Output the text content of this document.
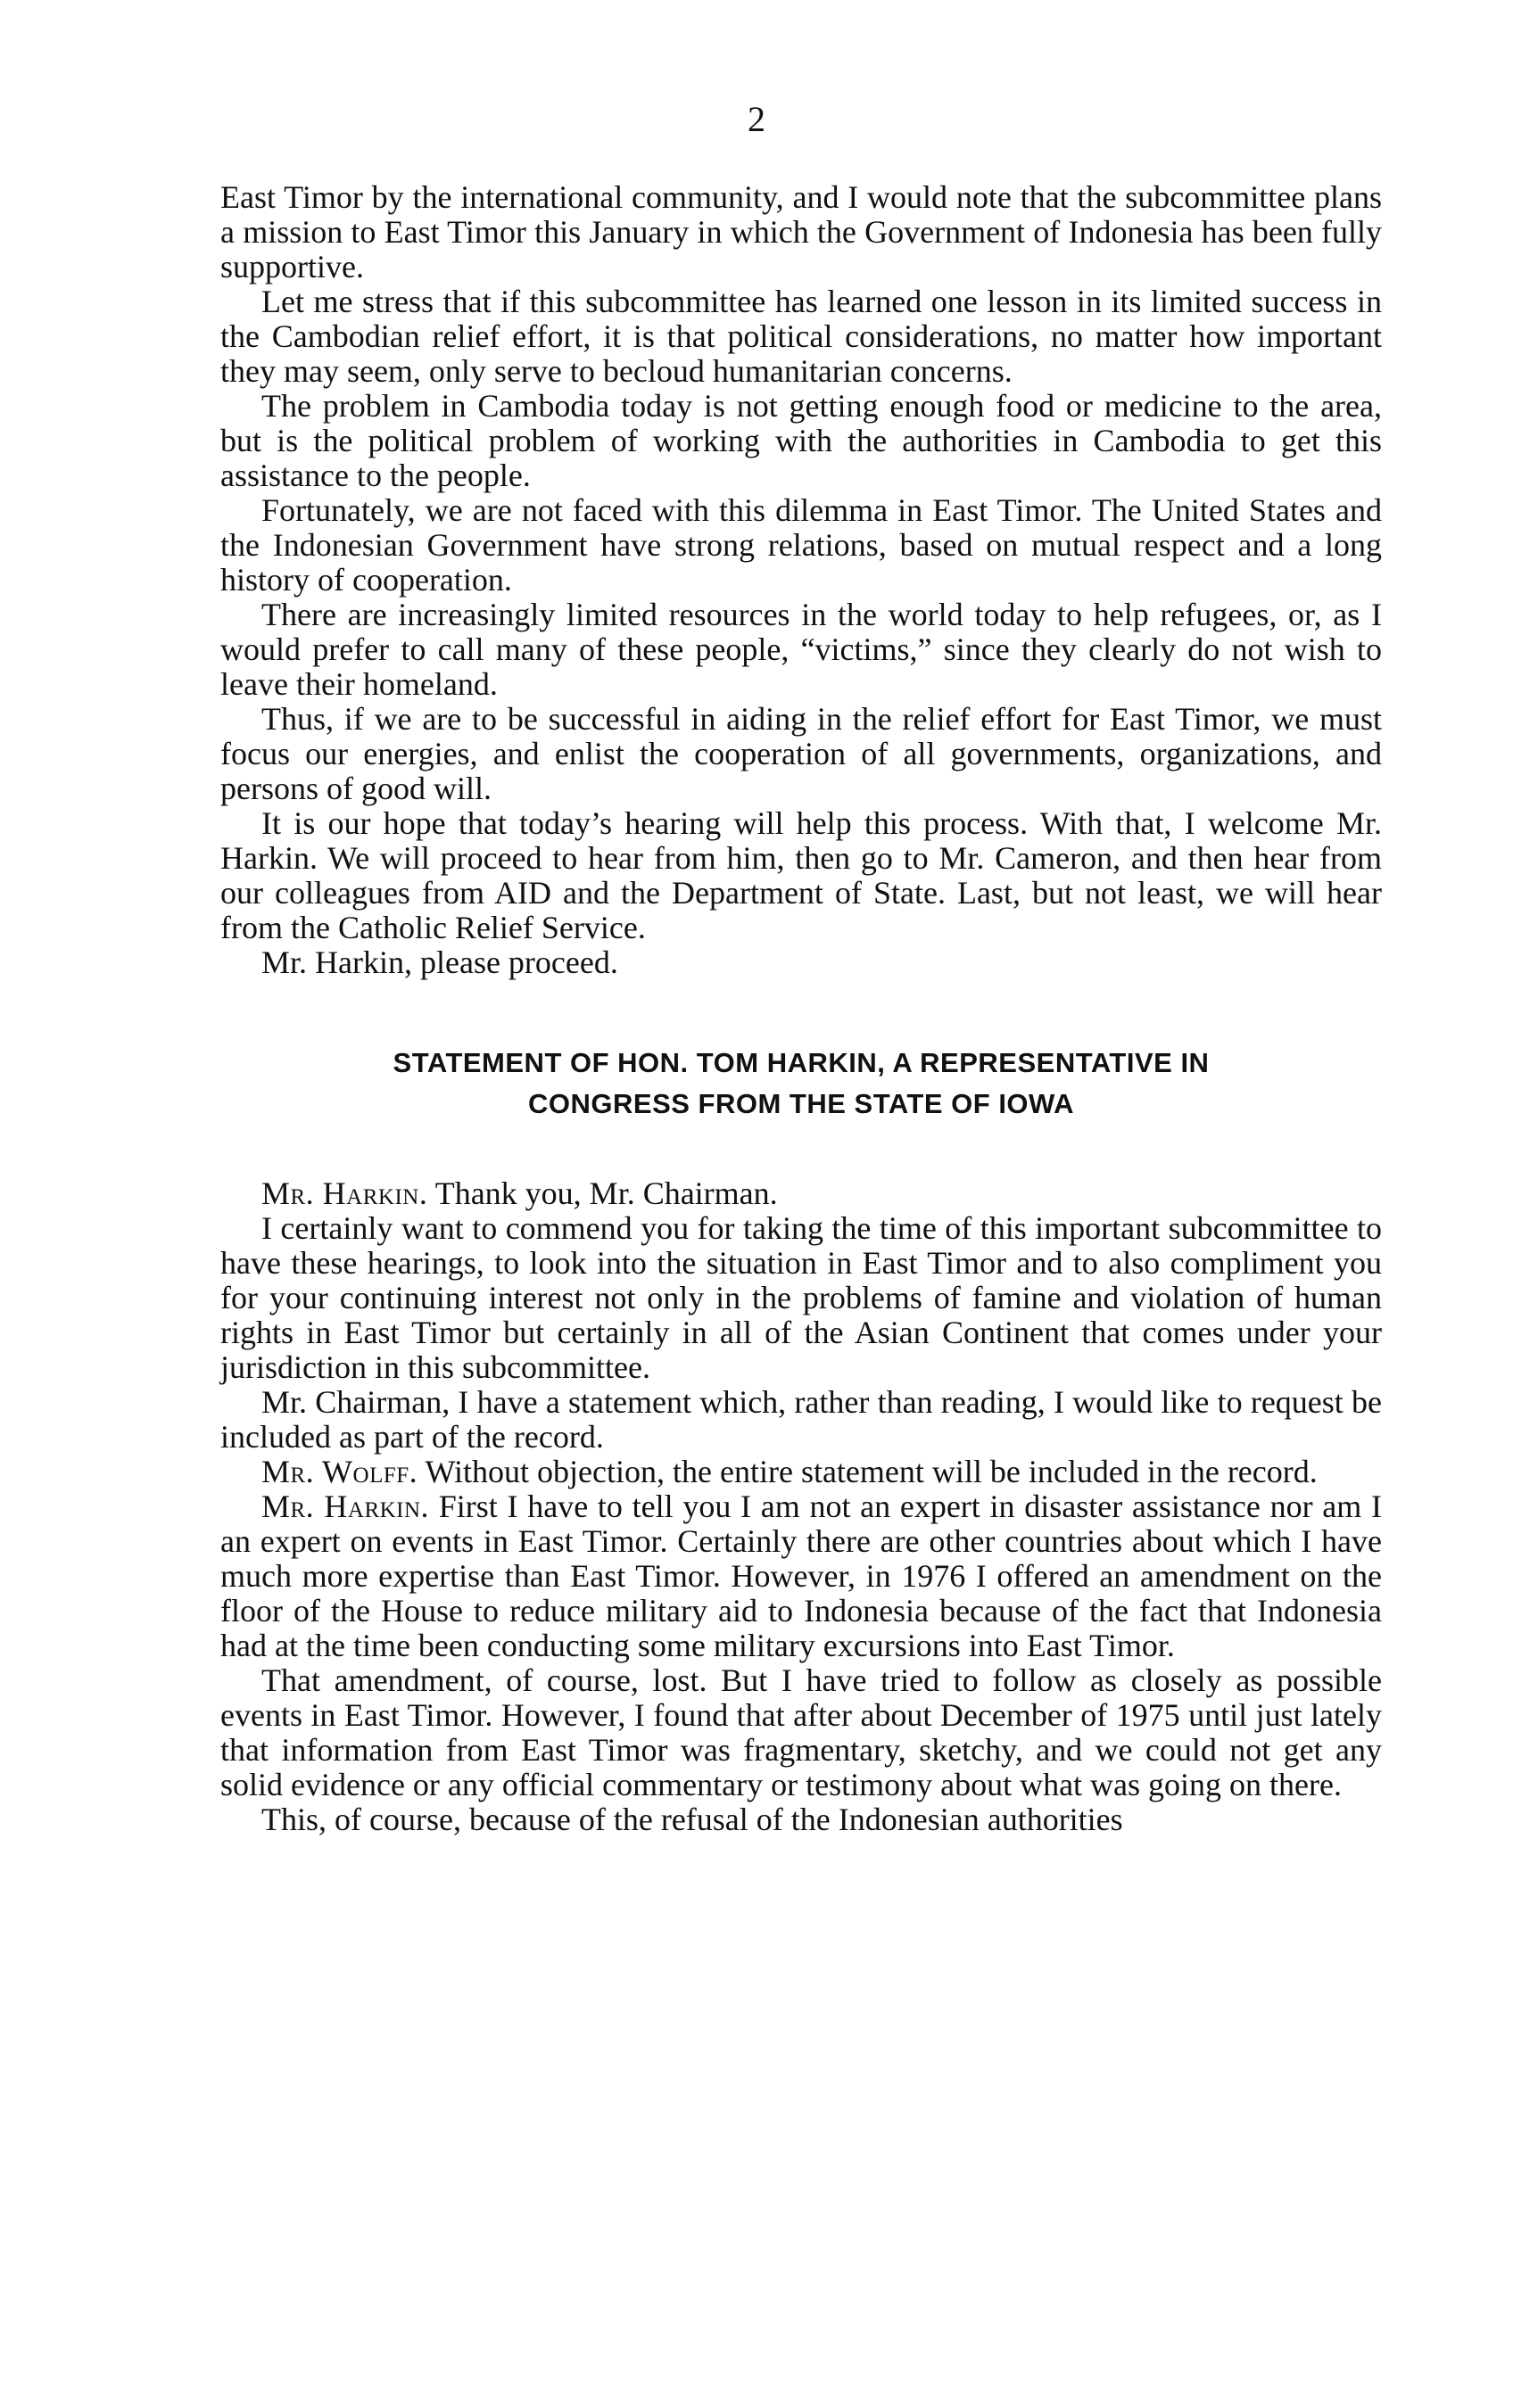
2

East Timor by the international community, and I would note that the subcommittee plans a mission to East Timor this January in which the Government of Indonesia has been fully supportive.

Let me stress that if this subcommittee has learned one lesson in its limited success in the Cambodian relief effort, it is that political considerations, no matter how important they may seem, only serve to becloud humanitarian concerns.

The problem in Cambodia today is not getting enough food or medicine to the area, but is the political problem of working with the authorities in Cambodia to get this assistance to the people.

Fortunately, we are not faced with this dilemma in East Timor. The United States and the Indonesian Government have strong relations, based on mutual respect and a long history of cooperation.

There are increasingly limited resources in the world today to help refugees, or, as I would prefer to call many of these people, “victims,” since they clearly do not wish to leave their homeland.

Thus, if we are to be successful in aiding in the relief effort for East Timor, we must focus our energies, and enlist the cooperation of all governments, organizations, and persons of good will.

It is our hope that today’s hearing will help this process. With that, I welcome Mr. Harkin. We will proceed to hear from him, then go to Mr. Cameron, and then hear from our colleagues from AID and the Department of State. Last, but not least, we will hear from the Catholic Relief Service.

Mr. Harkin, please proceed.

STATEMENT OF HON. TOM HARKIN, A REPRESENTATIVE IN
CONGRESS FROM THE STATE OF IOWA

Mr. Harkin. Thank you, Mr. Chairman.

I certainly want to commend you for taking the time of this important subcommittee to have these hearings, to look into the situation in East Timor and to also compliment you for your continuing interest not only in the problems of famine and violation of human rights in East Timor but certainly in all of the Asian Continent that comes under your jurisdiction in this subcommittee.

Mr. Chairman, I have a statement which, rather than reading, I would like to request be included as part of the record.

Mr. Wolff. Without objection, the entire statement will be included in the record.

Mr. Harkin. First I have to tell you I am not an expert in disaster assistance nor am I an expert on events in East Timor. Certainly there are other countries about which I have much more expertise than East Timor. However, in 1976 I offered an amendment on the floor of the House to reduce military aid to Indonesia because of the fact that Indonesia had at the time been conducting some military excursions into East Timor.

That amendment, of course, lost. But I have tried to follow as closely as possible events in East Timor. However, I found that after about December of 1975 until just lately that information from East Timor was fragmentary, sketchy, and we could not get any solid evidence or any official commentary or testimony about what was going on there.

This, of course, because of the refusal of the Indonesian authorities
